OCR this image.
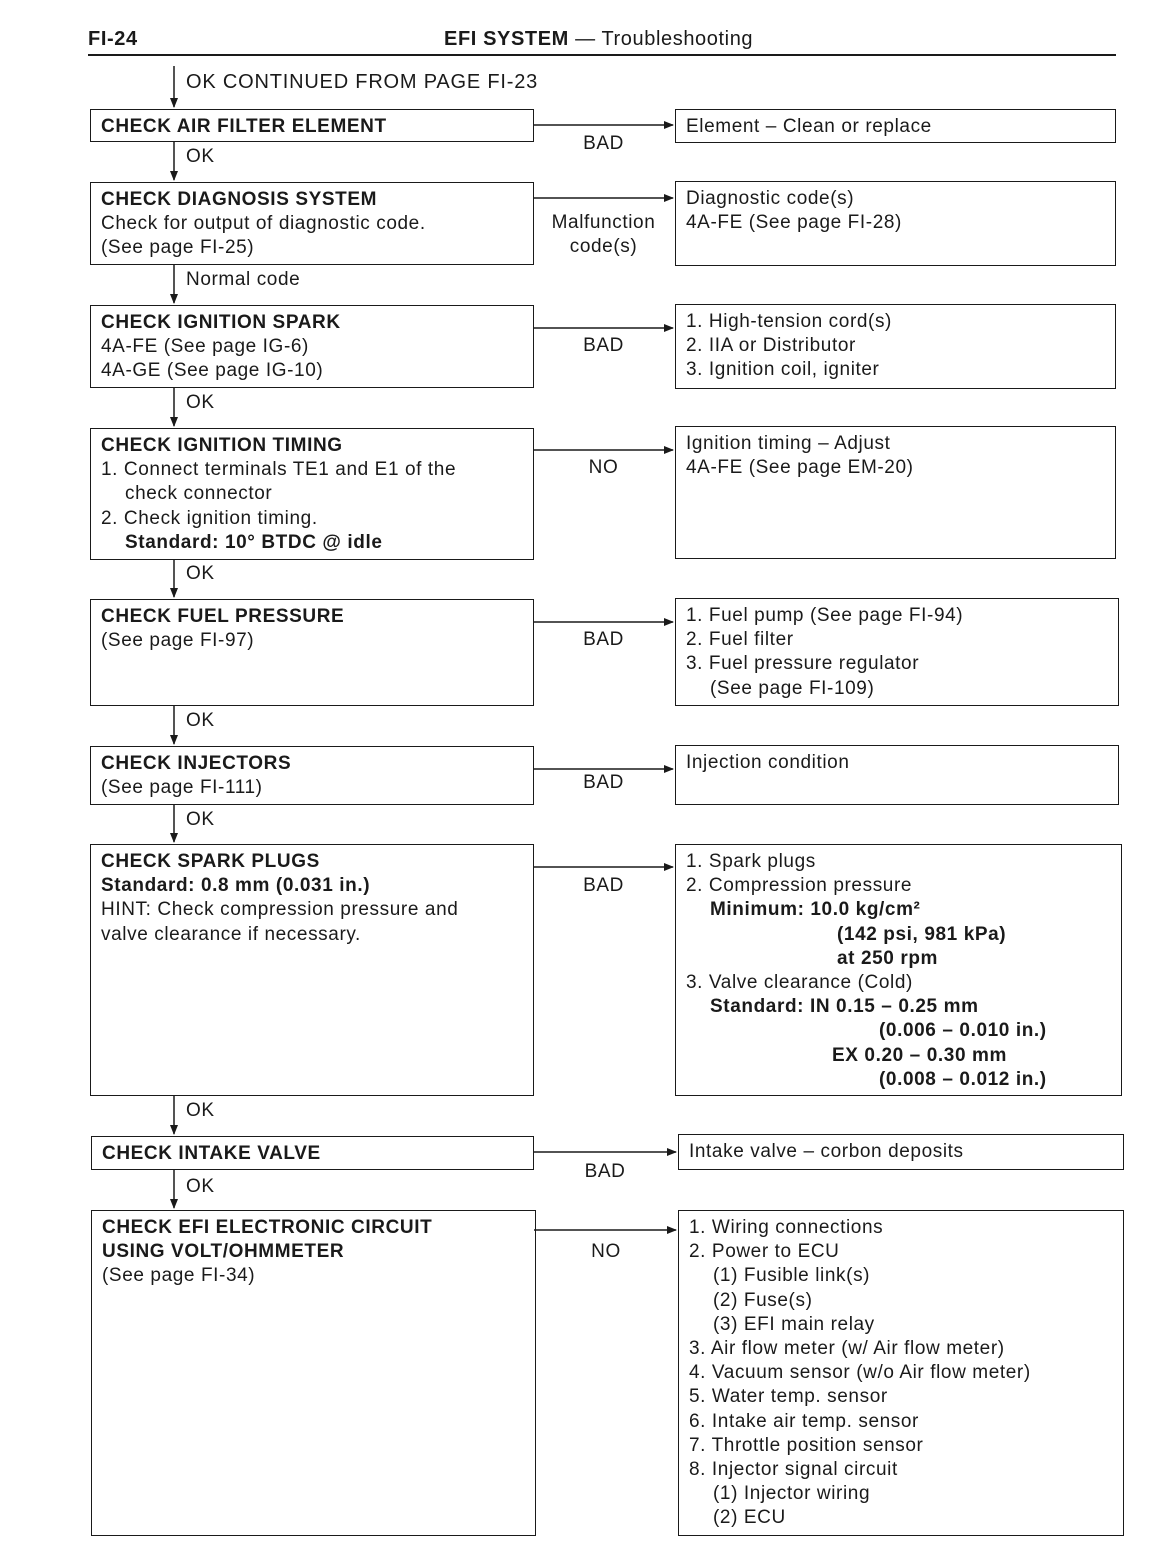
FI-24	EFI SYSTEM — Troubleshooting
OK CONTINUED FROM PAGE FI-23
CHECK AIR FILTER ELEMENT
BAD
Element – Clean or replace
OK
CHECK DIAGNOSIS SYSTEM
Check for output of diagnostic code.
(See page FI-25)
Malfunction
code(s)
Diagnostic code(s)
4A-FE (See page FI-28)
Normal code
CHECK IGNITION SPARK
4A-FE (See page IG-6)
4A-GE (See page IG-10)
BAD
1. High-tension cord(s)
2. IIA or Distributor
3. Ignition coil, igniter
OK
CHECK IGNITION TIMING
1. Connect terminals TE1 and E1 of the
check connector
2. Check ignition timing.
Standard: 10° BTDC @ idle
NO
Ignition timing – Adjust
4A-FE (See page EM-20)
OK
CHECK FUEL PRESSURE
(See page FI-97)	BAD
1. Fuel pump (See page FI-94)
2. Fuel filter
3. Fuel pressure regulator
(See page FI-109)
OK
CHECK INJECTORS
(See page FI-111)	BAD
Injection condition
OK
CHECK SPARK PLUGS
Standard: 0.8 mm (0.031 in.)
HINT: Check compression pressure and
valve clearance if necessary.
BAD
1. Spark plugs
2. Compression pressure
Minimum: 10.0 kg/cm²
(142 psi, 981 kPa)
at 250 rpm
3. Valve clearance (Cold)
Standard: IN 0.15 – 0.25 mm
(0.006 – 0.010 in.)
EX 0.20 – 0.30 mm
(0.008 – 0.012 in.)
OK
CHECK INTAKE VALVE
BAD
Intake valve – corbon deposits
OK
CHECK EFI ELECTRONIC CIRCUIT
USING VOLT/OHMMETER
(See page FI-34)
NO
1. Wiring connections
2. Power to ECU
(1) Fusible link(s)
(2) Fuse(s)
(3) EFI main relay
3. Air flow meter (w/ Air flow meter)
4. Vacuum sensor (w/o Air flow meter)
5. Water temp. sensor
6. Intake air temp. sensor
7. Throttle position sensor
8. Injector signal circuit
(1) Injector wiring
(2) ECU
